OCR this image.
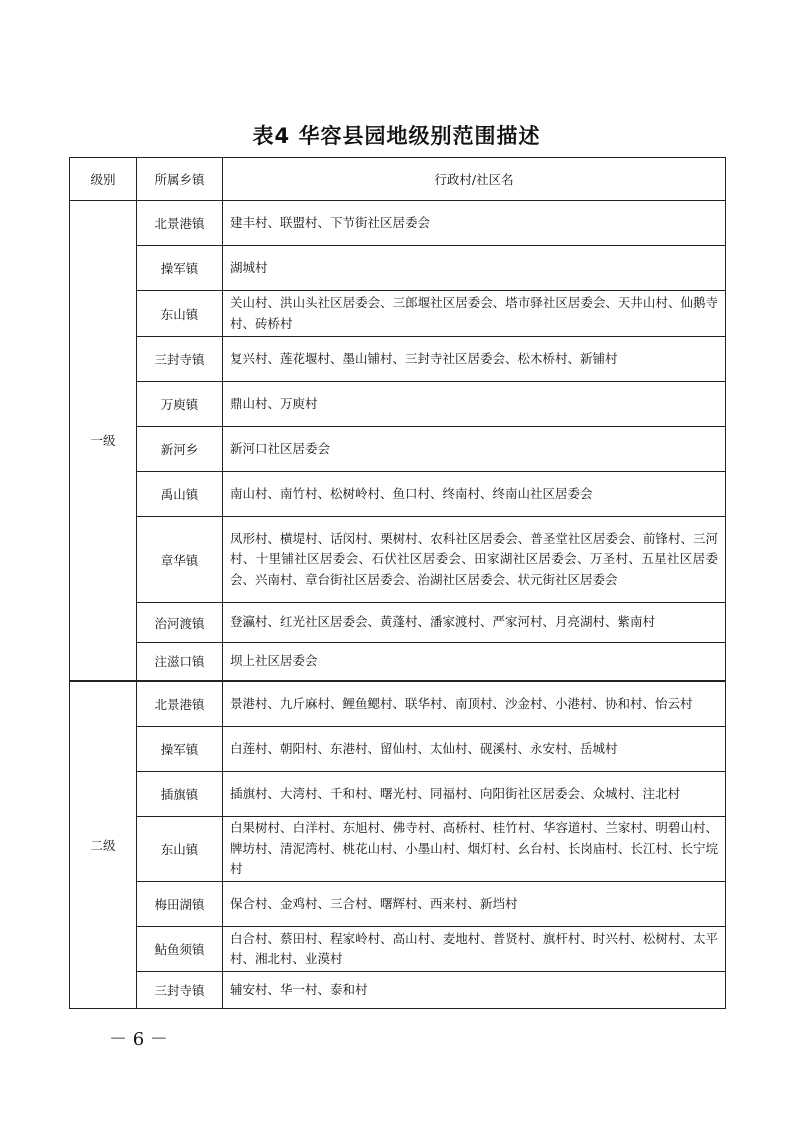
表4 华容县园地级别范围描述
级别	所属乡镇	行政村/社区名
一级	北景港镇	建丰村、联盟村、下节街社区居委会
	操军镇	湖城村
	东山镇	关山村、洪山头社区居委会、三郎堰社区居委会、塔市驿社区居委会、天井山村、仙鹅寺村、砖桥村
	三封寺镇	复兴村、莲花堰村、墨山铺村、三封寺社区居委会、松木桥村、新铺村
	万庾镇	鼎山村、万庾村
	新河乡	新河口社区居委会
	禹山镇	南山村、南竹村、松树岭村、鱼口村、终南村、终南山社区居委会
	章华镇	凤形村、横堤村、话闵村、栗树村、农科社区居委会、普圣堂社区居委会、前锋村、三河村、十里铺社区居委会、石伏社区居委会、田家湖社区居委会、万圣村、五星社区居委会、兴南村、章台街社区居委会、治湖社区居委会、状元街社区居委会
	治河渡镇	登瀛村、红光社区居委会、黄蓬村、潘家渡村、严家河村、月亮湖村、紫南村
	注滋口镇	坝上社区居委会
二级	北景港镇	景港村、九斤麻村、鲤鱼鳃村、联华村、南顶村、沙金村、小港村、协和村、怡云村
	操军镇	白莲村、朝阳村、东港村、留仙村、太仙村、砚溪村、永安村、岳城村
	插旗镇	插旗村、大湾村、千和村、曙光村、同福村、向阳街社区居委会、众城村、注北村
	东山镇	白果树村、白洋村、东旭村、佛寺村、高桥村、桂竹村、华容道村、兰家村、明碧山村、牌坊村、清泥湾村、桃花山村、小墨山村、烟灯村、幺台村、长岗庙村、长江村、长宁垸村
	梅田湖镇	保合村、金鸡村、三合村、曙辉村、西来村、新垱村
	鲇鱼须镇	白合村、蔡田村、程家岭村、高山村、麦地村、普贤村、旗杆村、时兴村、松树村、太平村、湘北村、业漠村
	三封寺镇	辅安村、华一村、泰和村
－ 6 －
